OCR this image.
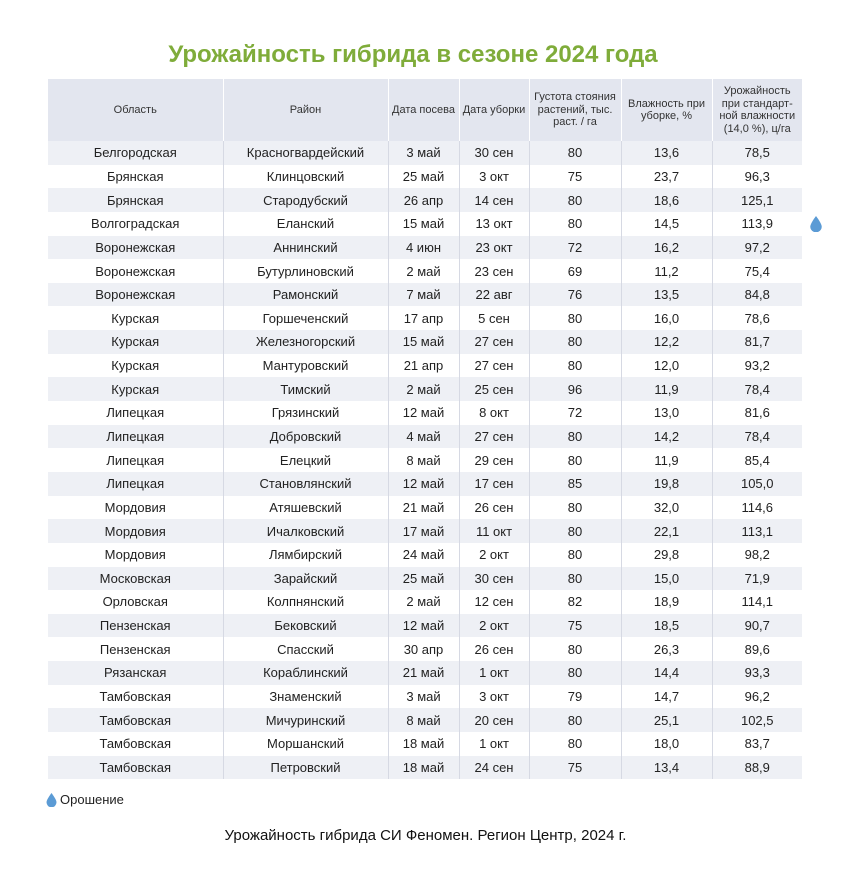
Урожайность гибрида в сезоне 2024 года
Область	Район	Дата посева	Дата уборки	Густота стояния растений, тыс. раст. / га	Влажность при уборке, %	Урожайность при стандарт-ной влажности (14,0 %), ц/га
Белгородская	Красногвардейский	3 май	30 сен	80	13,6	78,5
Брянская	Клинцовский	25 май	3 окт	75	23,7	96,3
Брянская	Стародубский	26 апр	14 сен	80	18,6	125,1
Волгоградская	Еланский	15 май	13 окт	80	14,5	113,9

Воронежская	Аннинский	4 июн	23 окт	72	16,2	97,2
Воронежская	Бутурлиновский	2 май	23 сен	69	11,2	75,4
Воронежская	Рамонский	7 май	22 авг	76	13,5	84,8
Курская	Горшеченский	17 апр	5 сен	80	16,0	78,6
Курская	Железногорский	15 май	27 сен	80	12,2	81,7
Курская	Мантуровский	21 апр	27 сен	80	12,0	93,2
Курская	Тимский	2 май	25 сен	96	11,9	78,4
Липецкая	Грязинский	12 май	8 окт	72	13,0	81,6
Липецкая	Добровский	4 май	27 сен	80	14,2	78,4
Липецкая	Елецкий	8 май	29 сен	80	11,9	85,4
Липецкая	Становлянский	12 май	17 сен	85	19,8	105,0
Мордовия	Атяшевский	21 май	26 сен	80	32,0	114,6
Мордовия	Ичалковский	17 май	11 окт	80	22,1	113,1
Мордовия	Лямбирский	24 май	2 окт	80	29,8	98,2
Московская	Зарайский	25 май	30 сен	80	15,0	71,9
Орловская	Колпнянский	2 май	12 сен	82	18,9	114,1
Пензенская	Бековский	12 май	2 окт	75	18,5	90,7
Пензенская	Спасский	30 апр	26 сен	80	26,3	89,6
Рязанская	Кораблинский	21 май	1 окт	80	14,4	93,3
Тамбовская	Знаменский	3 май	3 окт	79	14,7	96,2
Тамбовская	Мичуринский	8 май	20 сен	80	25,1	102,5
Тамбовская	Моршанский	18 май	1 окт	80	18,0	83,7
Тамбовская	Петровский	18 май	24 сен	75	13,4	88,9
Орошение
Урожайность гибрида СИ Феномен. Регион Центр, 2024 г.
